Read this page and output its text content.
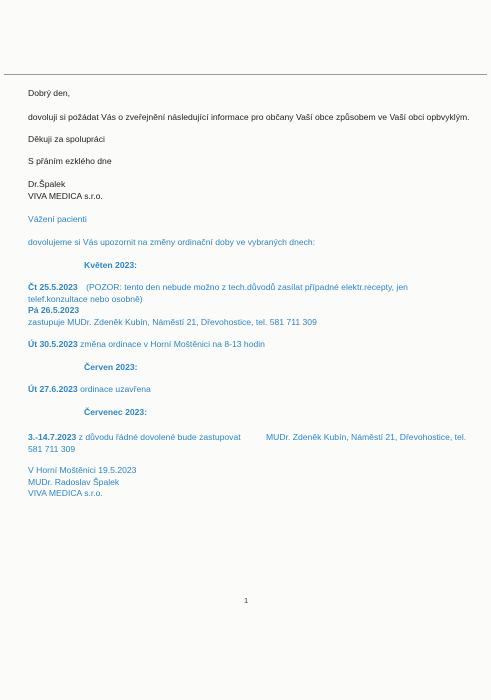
Dobrý den,
dovoluji si požádat Vás o zveřejnění následující informace pro občany Vaší obce způsobem ve Vaší obci opbvyklým.
Děkuji za spolupráci
S přáním ezklého dne
Dr.Špalek
VIVA MEDICA s.r.o.
Vážení pacienti
dovolujeme si Vás upozornit na změny ordinační doby ve vybraných dnech:
Květen 2023:
Čt 25.5.2023 (POZOR: tento den nebude možno z tech.důvodů zasílat případné elektr.recepty, jen
telef.konzultace nebo osobně)
Pá 26.5.2023
zastupuje MUDr. Zdeněk Kubín, Náměstí 21, Dřevohostice, tel. 581 711 309
Út 30.5.2023 změna ordinace v Horní Moštěnici na 8-13 hodin
Červen 2023:
Út 27.6.2023 ordinace uzavřena
Červenec 2023:
3.-14.7.2023 z důvodu řádné dovolené bude zastupovat	MUDr. Zdeněk Kubín, Náměstí 21, Dřevohostice, tel.
581 711 309
V Horní Moštěnici 19.5.2023
MUDr. Radoslav Špalek
VIVA MEDICA s.r.o.
1
